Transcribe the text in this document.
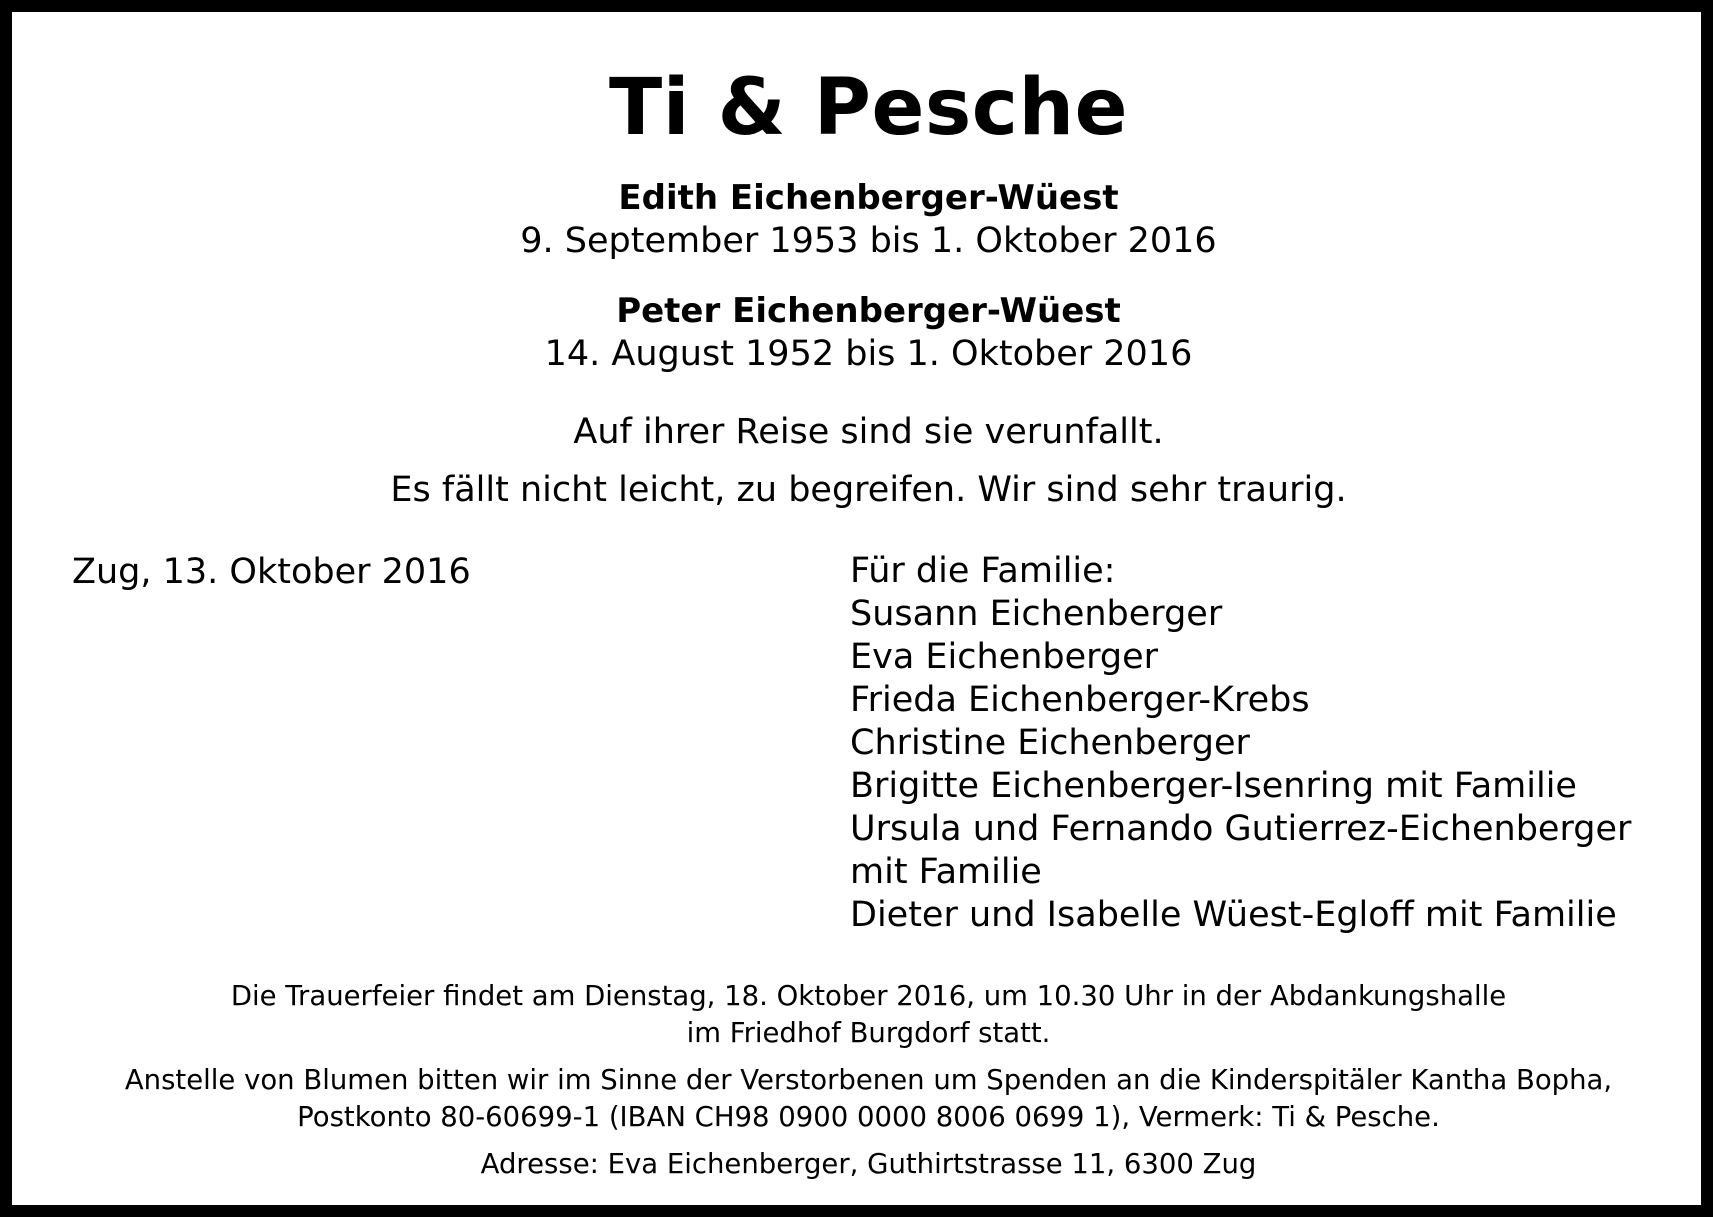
Ti & Pesche
Edith Eichenberger-Wüest
9. September 1953 bis 1. Oktober 2016
Peter Eichenberger-Wüest
14. August 1952 bis 1. Oktober 2016
Auf ihrer Reise sind sie verunfallt.
Es fällt nicht leicht, zu begreifen. Wir sind sehr traurig.
Zug, 13. Oktober 2016	Für die Familie:
Susann Eichenberger
Eva Eichenberger
Frieda Eichenberger-Krebs
Christine Eichenberger
Brigitte Eichenberger-Isenring mit Familie
Ursula und Fernando Gutierrez-Eichenberger
mit Familie
Dieter und Isabelle Wüest-Egloff mit Familie
Die Trauerfeier findet am Dienstag, 18. Oktober 2016, um 10.30 Uhr in der Abdankungshalle
im Friedhof Burgdorf statt.
Anstelle von Blumen bitten wir im Sinne der Verstorbenen um Spenden an die Kinderspitäler Kantha Bopha,
Postkonto 80-60699-1 (IBAN CH98 0900 0000 8006 0699 1), Vermerk: Ti & Pesche.
Adresse: Eva Eichenberger, Guthirtstrasse 11, 6300 Zug
